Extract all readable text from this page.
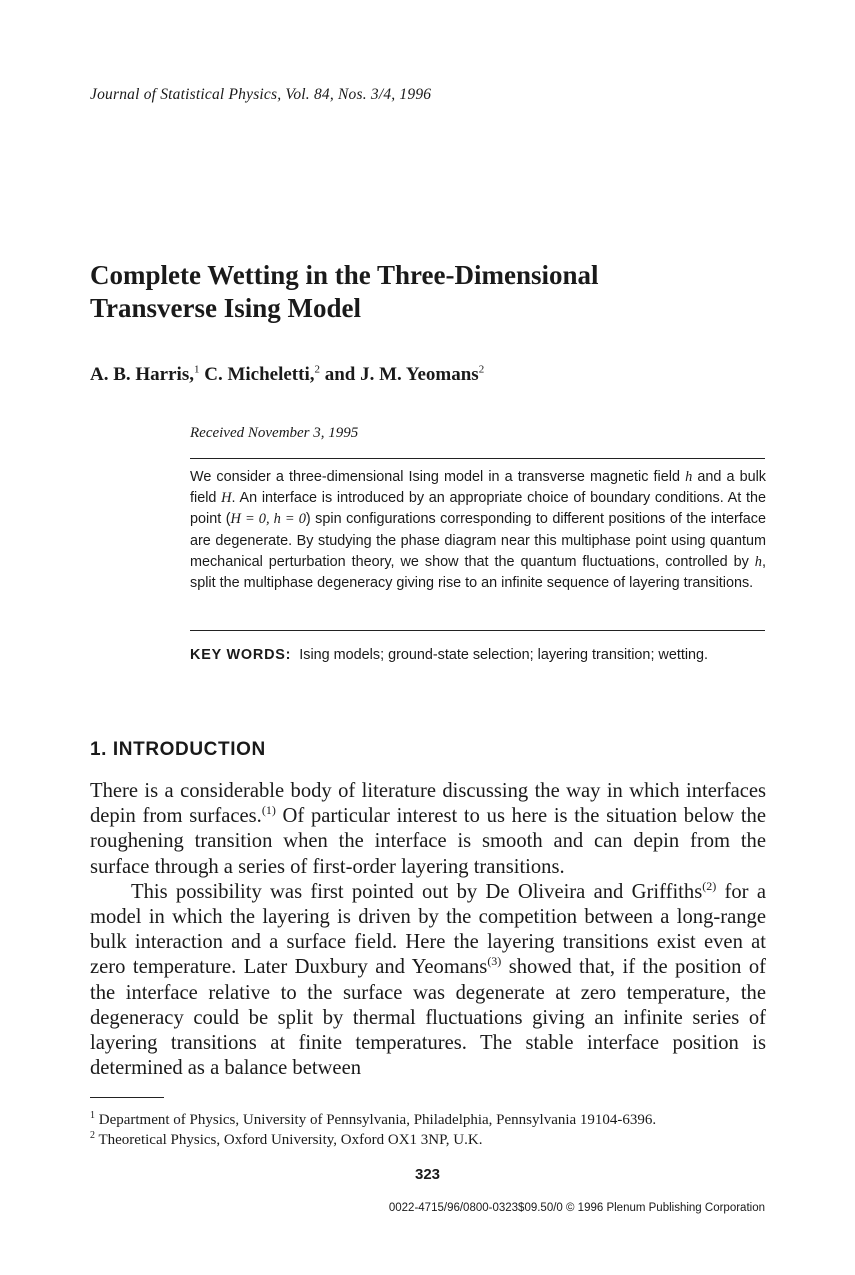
Journal of Statistical Physics, Vol. 84, Nos. 3/4, 1996
Complete Wetting in the Three-Dimensional
Transverse Ising Model
A. B. Harris,$^1$ C. Micheletti,$^2$ and J. M. Yeomans$^2$
Received November 3, 1995
We consider a three-dimensional Ising model in a transverse magnetic field h and a bulk field H. An interface is introduced by an appropriate choice of boundary conditions. At the point (H = 0, h = 0) spin configurations corresponding to different positions of the interface are degenerate. By studying the phase diagram near this multiphase point using quantum mechanical perturbation theory, we show that the quantum fluctuations, controlled by h, split the multiphase degeneracy giving rise to an infinite sequence of layering transitions.
KEY WORDS: Ising models; ground-state selection; layering transition; wetting.
1. INTRODUCTION

There is a considerable body of literature discussing the way in which interfaces depin from surfaces.$^{(1)}$ Of particular interest to us here is the situation below the roughening transition when the interface is smooth and can depin from the surface through a series of first-order layering transitions.

This possibility was first pointed out by De Oliveira and Griffiths$^{(2)}$ for a model in which the layering is driven by the competition between a long-range bulk interaction and a surface field. Here the layering transitions exist even at zero temperature. Later Duxbury and Yeomans$^{(3)}$ showed that, if the position of the interface relative to the surface was degenerate at zero temperature, the degeneracy could be split by thermal fluctuations giving an infinite series of layering transitions at finite temperatures. The stable interface position is determined as a balance between

$^1$ Department of Physics, University of Pennsylvania, Philadelphia, Pennsylvania 19104-6396.
$^2$ Theoretical Physics, Oxford University, Oxford OX1 3NP, U.K.
323
0022-4715/96/0800-0323$09.50/0 © 1996 Plenum Publishing Corporation
